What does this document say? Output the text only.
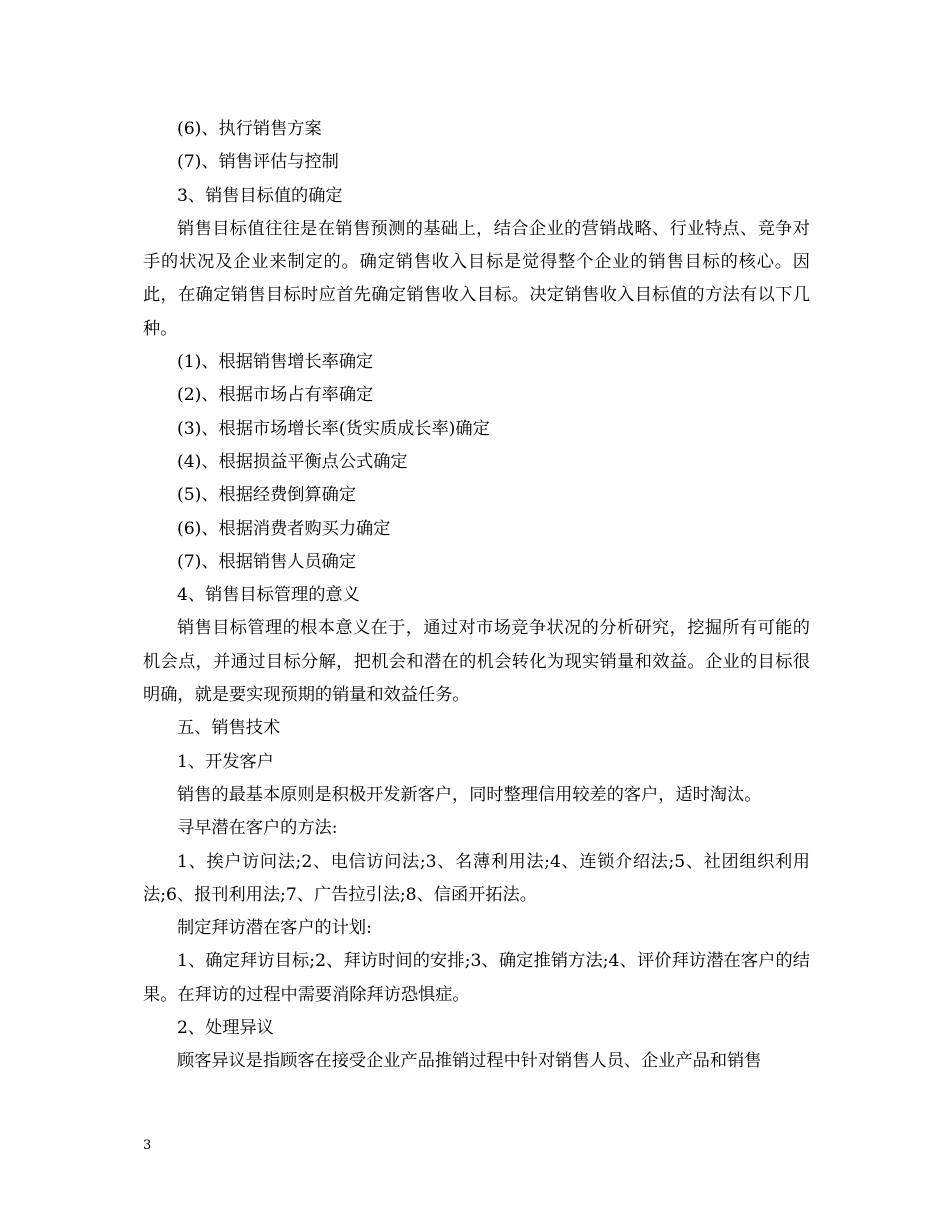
(6)、执行销售方案

(7)、销售评估与控制

3、销售目标值的确定

销售目标值往往是在销售预测的基础上，结合企业的营销战略、行业特点、竞争对手的状况及企业来制定的。确定销售收入目标是觉得整个企业的销售目标的核心。因此，在确定销售目标时应首先确定销售收入目标。决定销售收入目标值的方法有以下几种。

(1)、根据销售增长率确定

(2)、根据市场占有率确定

(3)、根据市场增长率(货实质成长率)确定

(4)、根据损益平衡点公式确定

(5)、根据经费倒算确定

(6)、根据消费者购买力确定

(7)、根据销售人员确定

4、销售目标管理的意义

销售目标管理的根本意义在于，通过对市场竞争状况的分析研究，挖掘所有可能的机会点，并通过目标分解，把机会和潜在的机会转化为现实销量和效益。企业的目标很明确，就是要实现预期的销量和效益任务。

五、销售技术

1、开发客户

销售的最基本原则是积极开发新客户，同时整理信用较差的客户，适时淘汰。

寻早潜在客户的方法:

1、挨户访问法;2、电信访问法;3、名薄利用法;4、连锁介绍法;5、社团组织利用法;6、报刊利用法;7、广告拉引法;8、信函开拓法。

制定拜访潜在客户的计划:

1、确定拜访目标;2、拜访时间的安排;3、确定推销方法;4、评价拜访潜在客户的结果。在拜访的过程中需要消除拜访恐惧症。

2、处理异议

顾客异议是指顾客在接受企业产品推销过程中针对销售人员、企业产品和销售

3
